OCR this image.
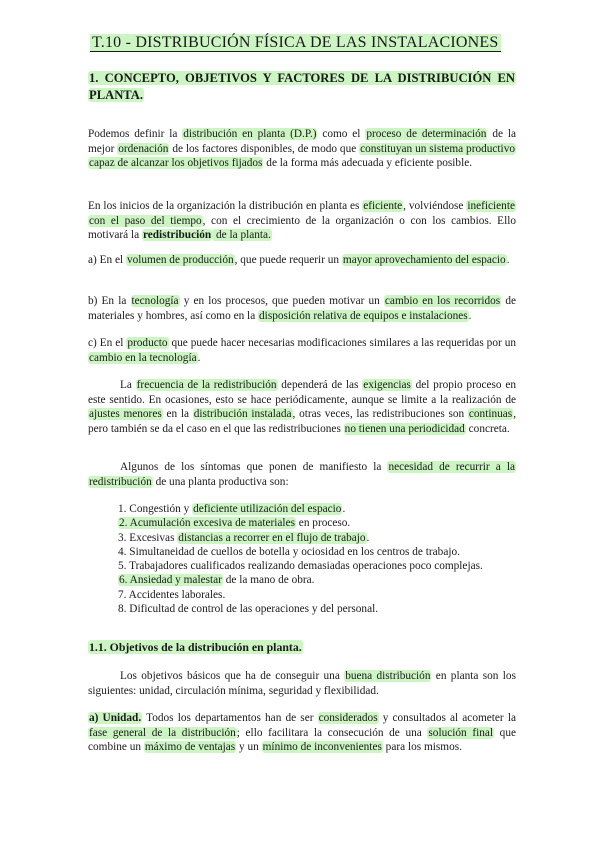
T.10 - DISTRIBUCIÓN FÍSICA DE LAS INSTALACIONES
1. CONCEPTO, OBJETIVOS Y FACTORES DE LA DISTRIBUCIÓN EN PLANTA.

Podemos definir la distribución en planta (D.P.) como el proceso de determinación de la mejor ordenación de los factores disponibles, de modo que constituyan un sistema productivo capaz de alcanzar los objetivos fijados de la forma más adecuada y eficiente posible.

En los inicios de la organización la distribución en planta es eficiente, volviéndose ineficiente con el paso del tiempo, con el crecimiento de la organización o con los cambios. Ello motivará la redistribución de la planta.

a) En el volumen de producción, que puede requerir un mayor aprovechamiento del espacio.

b) En la tecnología y en los procesos, que pueden motivar un cambio en los recorridos de materiales y hombres, así como en la disposición relativa de equipos e instalaciones.

c) En el producto que puede hacer necesarias modificaciones similares a las requeridas por un cambio en la tecnología.

La frecuencia de la redistribución dependerá de las exigencias del propio proceso en este sentido. En ocasiones, esto se hace periódicamente, aunque se limite a la realización de ajustes menores en la distribución instalada, otras veces, las redistribuciones son continuas, pero también se da el caso en el que las redistribuciones no tienen una periodicidad concreta.

Algunos de los síntomas que ponen de manifiesto la necesidad de recurrir a la redistribución de una planta productiva son:

1. Congestión y deficiente utilización del espacio.
2. Acumulación excesiva de materiales en proceso.
3. Excesivas distancias a recorrer en el flujo de trabajo.
4. Simultaneidad de cuellos de botella y ociosidad en los centros de trabajo.
5. Trabajadores cualificados realizando demasiadas operaciones poco complejas.
6. Ansiedad y malestar de la mano de obra.
7. Accidentes laborales.
8. Dificultad de control de las operaciones y del personal.
1.1. Objetivos de la distribución en planta.

Los objetivos básicos que ha de conseguir una buena distribución en planta son los siguientes: unidad, circulación mínima, seguridad y flexibilidad.

a) Unidad. Todos los departamentos han de ser considerados y consultados al acometer la fase general de la distribución; ello facilitara la consecución de una solución final que combine un máximo de ventajas y un mínimo de inconvenientes para los mismos.
